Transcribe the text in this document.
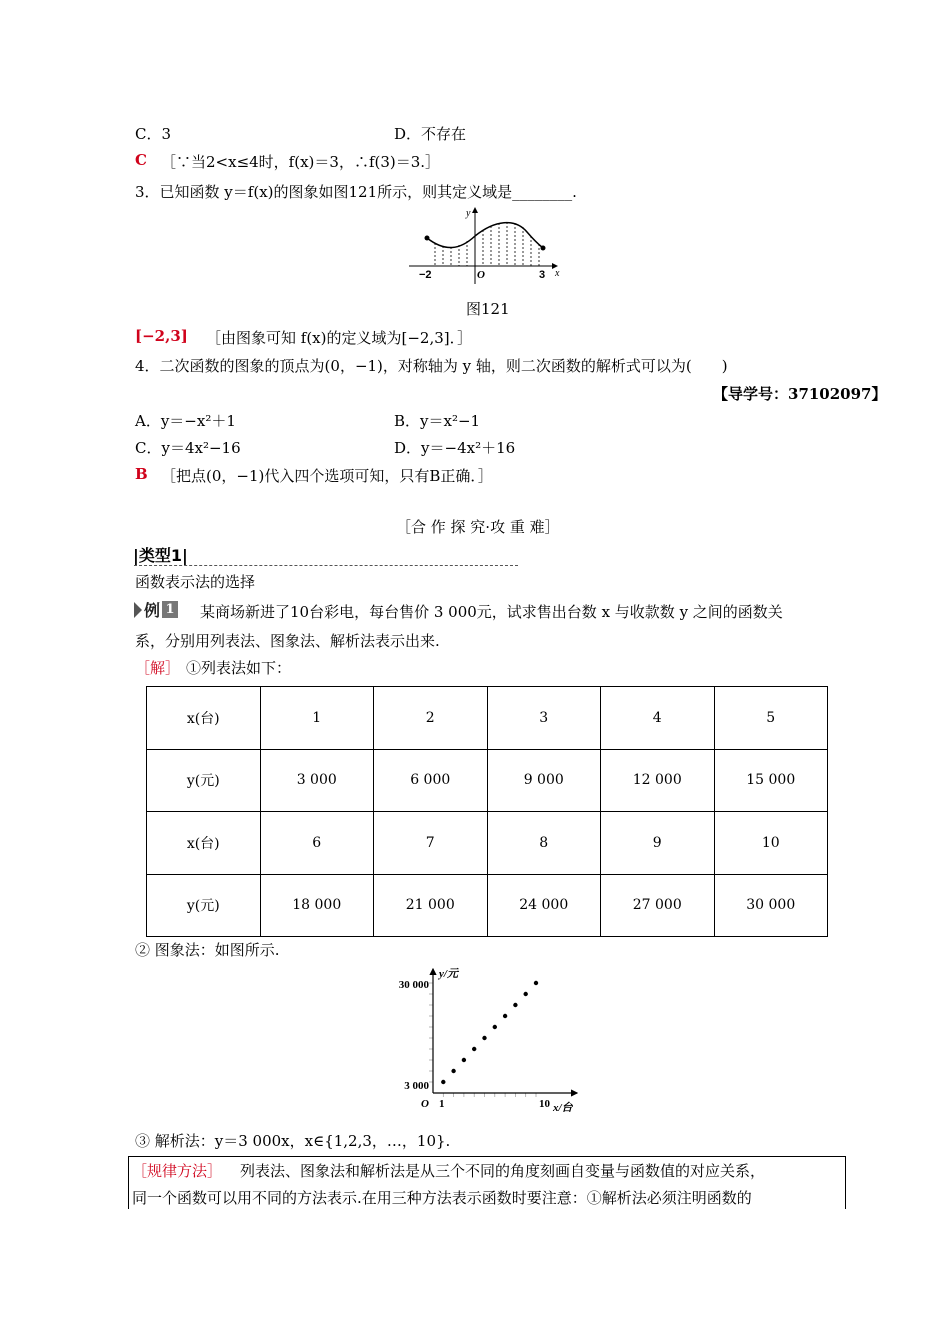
C．3	D．不存在
C ［∵当2<x≤4时，f(x)＝3，∴f(3)＝3.］
3．已知函数 y＝f(x)的图象如图121所示，则其定义域是________.
y
x
O
−2	3
图121
[−2,3] ［由图象可知 f(x)的定义域为[−2,3]．］
4．二次函数的图象的顶点为(0，−1)，对称轴为 y 轴，则二次函数的解析式可以为(　　)
【导学号：37102097】
A．y＝−x²＋1	B．y＝x²−1
C．y＝4x²−16	D．y＝−4x²＋16
B ［把点(0，−1)代入四个选项可知，只有B正确．］
［合 作 探 究·攻 重 难］
|类型1|
函数表示法的选择
例 1 某商场新进了10台彩电，每台售价 3 000元，试求售出台数 x 与收款数 y 之间的函数关
系，分别用列表法、图象法、解析法表示出来.
［解］ ①列表法如下：
x(台)	1	2	3	4	5
y(元)	3 000	6 000	9 000	12 000	15 000
x(台)	6	7	8	9	10
y(元)	18 000	21 000	24 000	27 000	30 000
② 图象法：如图所示.
y/元
x/台
O 1	10
3 000
30 000
③ 解析法：y＝3 000x，x∈{1,2,3，…，10}.
［规律方法］ 列表法、图象法和解析法是从三个不同的角度刻画自变量与函数值的对应关系，
同一个函数可以用不同的方法表示.在用三种方法表示函数时要注意：①解析法必须注明函数的
